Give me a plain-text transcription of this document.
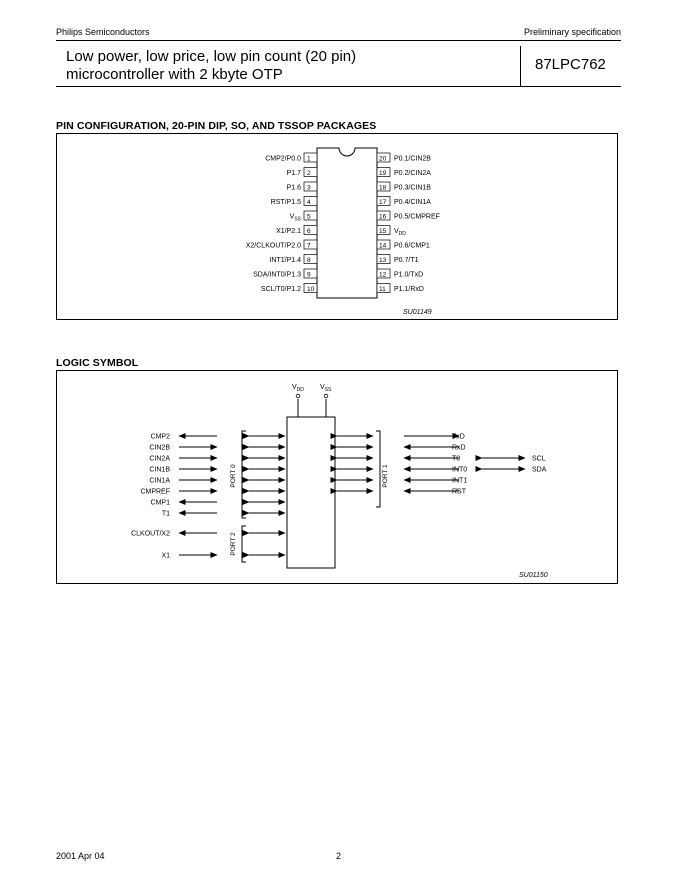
Philips Semiconductors	Preliminary specification
Low power, low price, low pin count (20 pin)
microcontroller with 2 kbyte OTP
87LPC762
PIN CONFIGURATION, 20-PIN DIP, SO, AND TSSOP PACKAGES
1
CMP2/P0.0
2
P1.7
3
P1.6
4
RST/P1.5
5
$V_{SS}$
6
X1/P2.1
7
X2/CLKOUT/P2.0
8
INT1/P1.4
9
SDA/INT0/P1.3
10
SCL/T0/P1.2
20 P0.1/CIN2B
19 P0.2/CIN2A
18 P0.3/CIN1B
17 P0.4/CIN1A
16 P0.5/CMPREF
15 $V_{DD}$
14 P0.6/CMP1
13 P0.7/T1
12 P1.0/TxD
11 P1.1/RxD
SU01149
LOGIC SYMBOL
$V_{DD}$ $V_{SS}$
PORT 0
CMP2
CIN2B
CIN2A
CIN1B
CIN1A
CMPREF
CMP1
T1
PORT 2
CLKOUT/X2
X1
PORT 1
TxD
RxD
T0
INT0
INT1
RST
SCL
SDA
SU01150
2001 Apr 04	2
